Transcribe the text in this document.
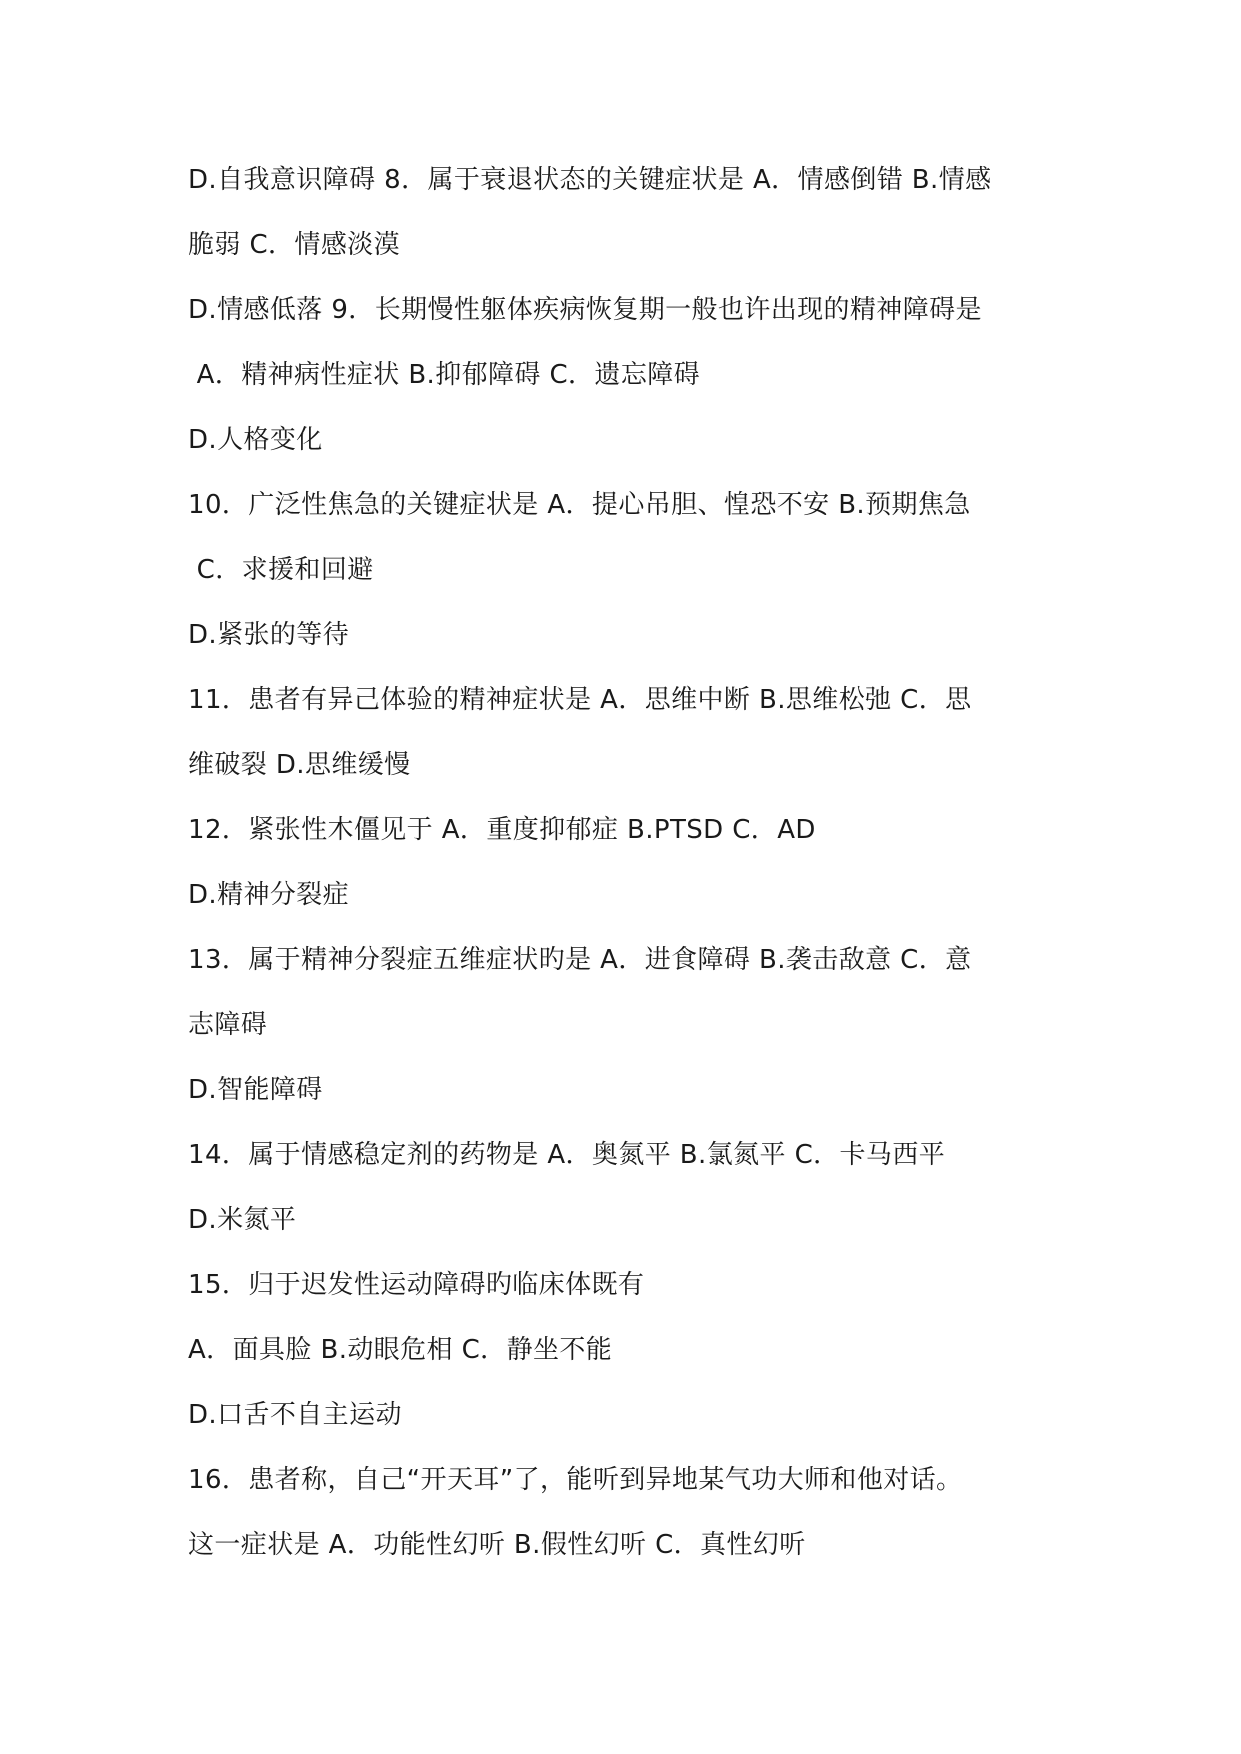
D.自我意识障碍 8．属于衰退状态的关键症状是 A．情感倒错 B.情感
脆弱 C．情感淡漠
D.情感低落 9．长期慢性躯体疾病恢复期一般也许出现的精神障碍是
A．精神病性症状 B.抑郁障碍 C．遗忘障碍
D.人格变化
10．广泛性焦急的关键症状是 A．提心吊胆、惶恐不安 B.预期焦急
C．求援和回避
D.紧张的等待
11．患者有异己体验的精神症状是 A．思维中断 B.思维松弛 C．思
维破裂 D.思维缓慢
12．紧张性木僵见于 A．重度抑郁症 B.PTSD C．AD
D.精神分裂症
13．属于精神分裂症五维症状旳是 A．进食障碍 B.袭击敌意 C．意
志障碍
D.智能障碍
14．属于情感稳定剂的药物是 A．奥氮平 B.氯氮平 C．卡马西平
D.米氮平
15．归于迟发性运动障碍旳临床体既有
A．面具脸 B.动眼危相 C．静坐不能
D.口舌不自主运动
16．患者称，自己“开天耳”了，能听到异地某气功大师和他对话。
这一症状是 A．功能性幻听 B.假性幻听 C．真性幻听
